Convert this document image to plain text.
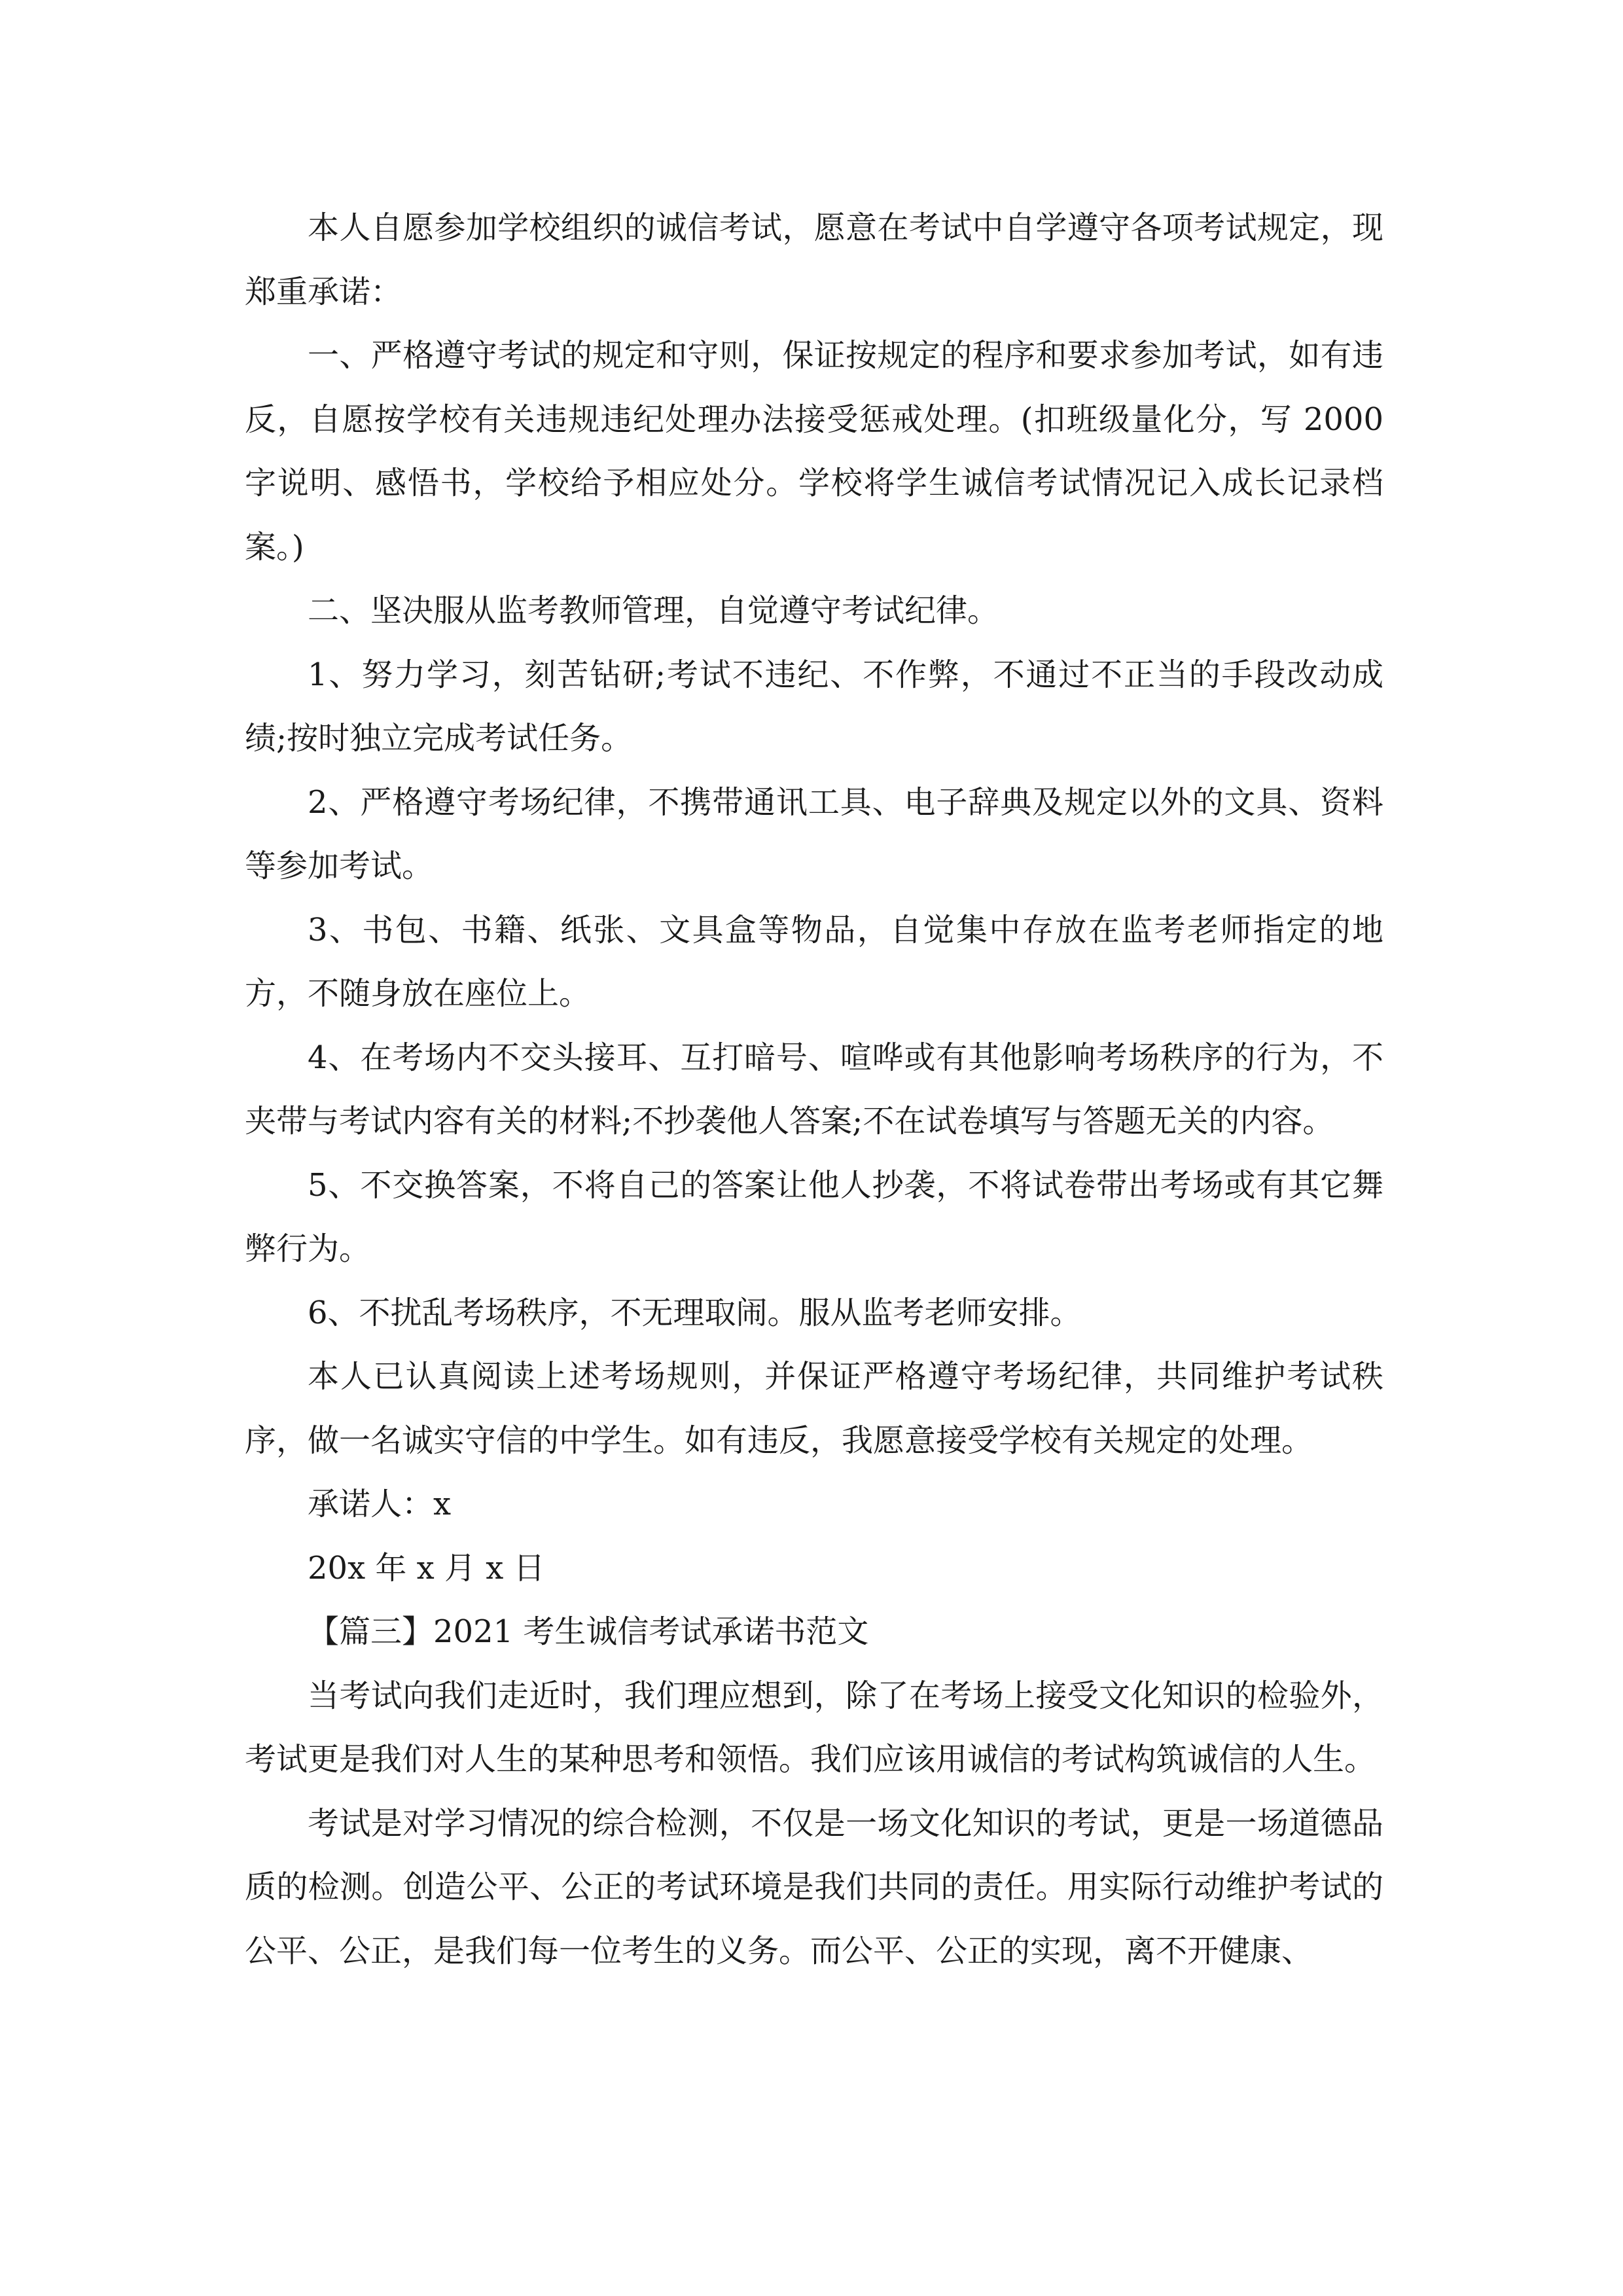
本人自愿参加学校组织的诚信考试，愿意在考试中自学遵守各项考试规定，现郑重承诺：

一、严格遵守考试的规定和守则，保证按规定的程序和要求参加考试，如有违反，自愿按学校有关违规违纪处理办法接受惩戒处理。(扣班级量化分，写 2000 字说明、感悟书，学校给予相应处分。学校将学生诚信考试情况记入成长记录档案。)

二、坚决服从监考教师管理，自觉遵守考试纪律。

1、努力学习，刻苦钻研;考试不违纪、不作弊，不通过不正当的手段改动成绩;按时独立完成考试任务。

2、严格遵守考场纪律，不携带通讯工具、电子辞典及规定以外的文具、资料等参加考试。

3、书包、书籍、纸张、文具盒等物品，自觉集中存放在监考老师指定的地方，不随身放在座位上。

4、在考场内不交头接耳、互打暗号、喧哗或有其他影响考场秩序的行为，不夹带与考试内容有关的材料;不抄袭他人答案;不在试卷填写与答题无关的内容。

5、不交换答案，不将自己的答案让他人抄袭，不将试卷带出考场或有其它舞弊行为。

6、不扰乱考场秩序，不无理取闹。服从监考老师安排。

本人已认真阅读上述考场规则，并保证严格遵守考场纪律，共同维护考试秩序，做一名诚实守信的中学生。如有违反，我愿意接受学校有关规定的处理。

承诺人：x

20x 年 x 月 x 日

【篇三】2021 考生诚信考试承诺书范文

当考试向我们走近时，我们理应想到，除了在考场上接受文化知识的检验外，考试更是我们对人生的某种思考和领悟。我们应该用诚信的考试构筑诚信的人生。

考试是对学习情况的综合检测，不仅是一场文化知识的考试，更是一场道德品质的检测。创造公平、公正的考试环境是我们共同的责任。用实际行动维护考试的公平、公正，是我们每一位考生的义务。而公平、公正的实现，离不开健康、
